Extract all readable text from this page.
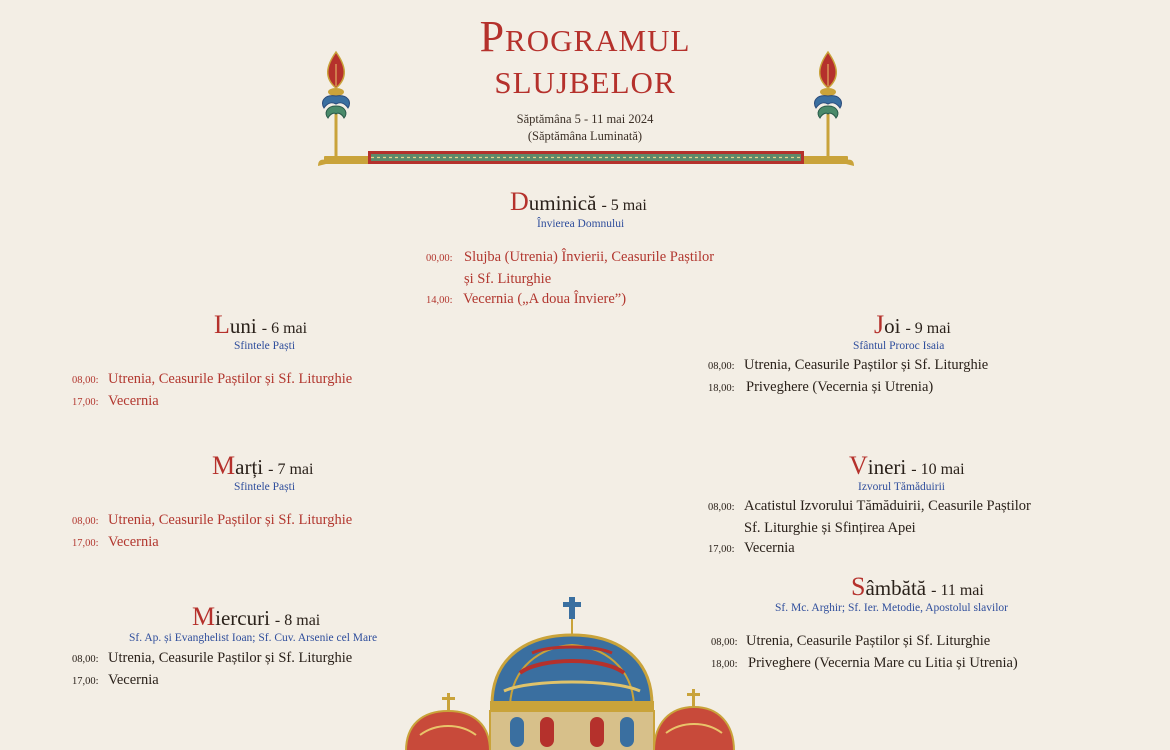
Programul
slujbelor
Săptămâna 5 - 11 mai 2024
(Săptămâna Luminată)
Duminică - 5 mai
Învierea Domnului
00,00: Slujba (Utrenia) Învierii, Ceasurile Paștilor
și Sf. Liturghie
14,00: Vecernia („A doua Înviere”)
Luni - 6 mai
Sfintele Paști
08,00: Utrenia, Ceasurile Paștilor și Sf. Liturghie
17,00: Vecernia
Marți - 7 mai
Sfintele Paști
08,00: Utrenia, Ceasurile Paștilor și Sf. Liturghie
17,00: Vecernia
Miercuri - 8 mai
Sf. Ap. și Evanghelist Ioan; Sf. Cuv. Arsenie cel Mare
08,00: Utrenia, Ceasurile Paștilor și Sf. Liturghie
17,00: Vecernia
Joi - 9 mai
Sfântul Proroc Isaia
08,00: Utrenia, Ceasurile Paștilor și Sf. Liturghie
18,00: Priveghere (Vecernia și Utrenia)
Vineri - 10 mai
Izvorul Tămăduirii
08,00: Acatistul Izvorului Tămăduirii, Ceasurile Paștilor
Sf. Liturghie și Sfințirea Apei
17,00: Vecernia
Sâmbătă - 11 mai
Sf. Mc. Arghir; Sf. Ier. Metodie, Apostolul slavilor
08,00: Utrenia, Ceasurile Paștilor și Sf. Liturghie
18,00: Priveghere (Vecernia Mare cu Litia și Utrenia)
